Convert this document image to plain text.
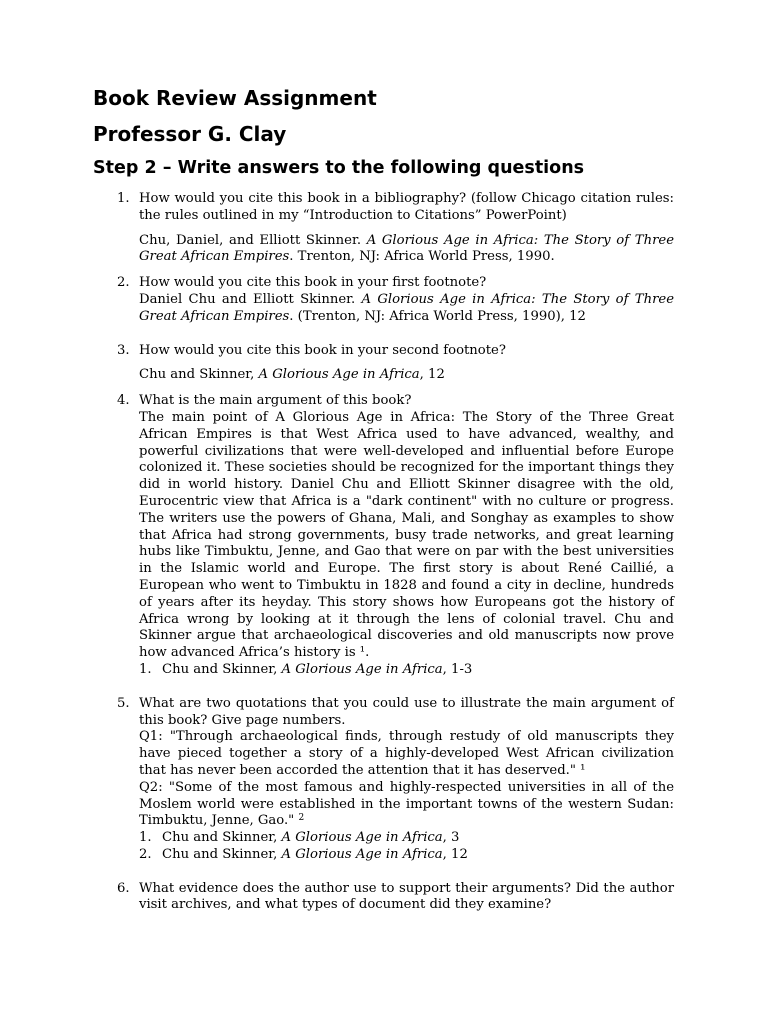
Book Review Assignment
Professor G. Clay
Step 2 – Write answers to the following questions
1. How would you cite this book in a bibliography? (follow Chicago citation rules: the rules outlined in my “Introduction to Citations” PowerPoint)

Chu, Daniel, and Elliott Skinner. A Glorious Age in Africa: The Story of Three Great African Empires. Trenton, NJ: Africa World Press, 1990.

2. How would you cite this book in your first footnote?

Daniel Chu and Elliott Skinner. A Glorious Age in Africa: The Story of Three Great African Empires. (Trenton, NJ: Africa World Press, 1990), 12

3. How would you cite this book in your second footnote?

Chu and Skinner, A Glorious Age in Africa, 12

4. What is the main argument of this book?

The main point of A Glorious Age in Africa: The Story of the Three Great African Empires is that West Africa used to have advanced, wealthy, and powerful civilizations that were well-developed and influential before Europe colonized it. These societies should be recognized for the important things they did in world history. Daniel Chu and Elliott Skinner disagree with the old, Eurocentric view that Africa is a "dark continent" with no culture or progress. The writers use the powers of Ghana, Mali, and Songhay as examples to show that Africa had strong governments, busy trade networks, and great learning hubs like Timbuktu, Jenne, and Gao that were on par with the best universities in the Islamic world and Europe. The first story is about René Caillié, a European who went to Timbuktu in 1828 and found a city in decline, hundreds of years after its heyday. This story shows how Europeans got the history of Africa wrong by looking at it through the lens of colonial travel. Chu and Skinner argue that archaeological discoveries and old manuscripts now prove how advanced Africa’s history is ¹.

1. Chu and Skinner, A Glorious Age in Africa, 1-3

5. What are two quotations that you could use to illustrate the main argument of this book? Give page numbers.

Q1: "Through archaeological finds, through restudy of old manuscripts they have pieced together a story of a highly-developed West African civilization that has never been accorded the attention that it has deserved." ¹

Q2: "Some of the most famous and highly-respected universities in all of the Moslem world were established in the important towns of the western Sudan: Timbuktu, Jenne, Gao." $^2$

1. Chu and Skinner, A Glorious Age in Africa, 3

2. Chu and Skinner, A Glorious Age in Africa, 12

6. What evidence does the author use to support their arguments? Did the author visit archives, and what types of document did they examine?
